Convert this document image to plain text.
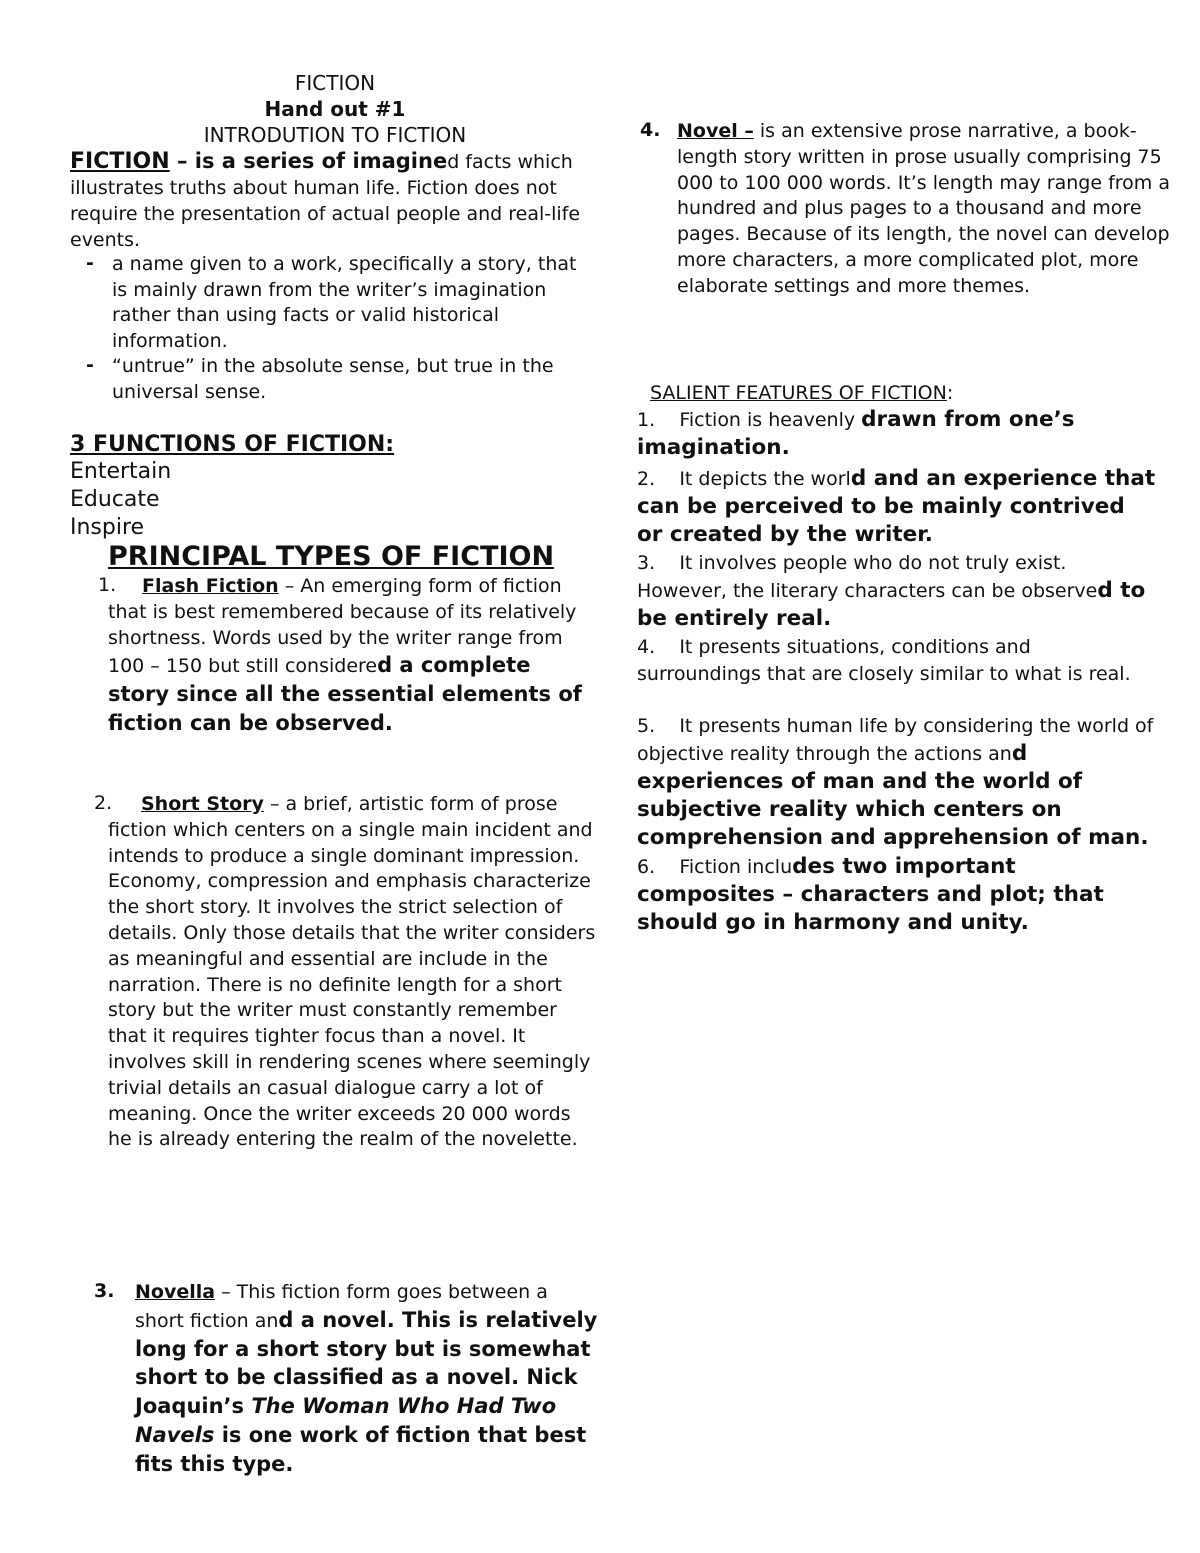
FICTION
Hand out #1
INTRODUTION TO FICTION
FICTION – is a series of imagined facts which illustrates truths about human life. Fiction does not require the presentation of actual people and real-life events.
- a name given to a work, specifically a story, that is mainly drawn from the writer’s imagination rather than using facts or valid historical information.
- “untrue” in the absolute sense, but true in the universal sense.
3 FUNCTIONS OF FICTION:
Entertain
Educate
Inspire
PRINCIPAL TYPES OF FICTION
1.	Flash Fiction – An emerging form of fiction that is best remembered because of its relatively shortness. Words used by the writer range from 100 – 150 but still considered a complete story since all the essential elements of fiction can be observed.
2.	Short Story – a brief, artistic form of prose fiction which centers on a single main incident and intends to produce a single dominant impression. Economy, compression and emphasis characterize the short story. It involves the strict selection of details. Only those details that the writer considers as meaningful and essential are include in the narration. There is no definite length for a short story but the writer must constantly remember that it requires tighter focus than a novel. It involves skill in rendering scenes where seemingly trivial details an casual dialogue carry a lot of meaning. Once the writer exceeds 20 000 words he is already entering the realm of the novelette.
3. Novella – This fiction form goes between a short fiction and a novel. This is relatively long for a short story but is somewhat short to be classified as a novel. Nick Joaquin’s The Woman Who Had Two Navels is one work of fiction that best fits this type.
4. Novel – is an extensive prose narrative, a book-length story written in prose usually comprising 75 000 to 100 000 words. It’s length may range from a hundred and plus pages to a thousand and more pages. Because of its length, the novel can develop more characters, a more complicated plot, more elaborate settings and more themes.
SALIENT FEATURES OF FICTION:
1. Fiction is heavenly drawn from one’s imagination.
2. It depicts the world and an experience that can be perceived to be mainly contrived or created by the writer.
3. It involves people who do not truly exist. However, the literary characters can be observed to be entirely real.
4. It presents situations, conditions and surroundings that are closely similar to what is real.
5. It presents human life by considering the world of objective reality through the actions and experiences of man and the world of subjective reality which centers on comprehension and apprehension of man.
6. Fiction includes two important composites – characters and plot; that should go in harmony and unity.
